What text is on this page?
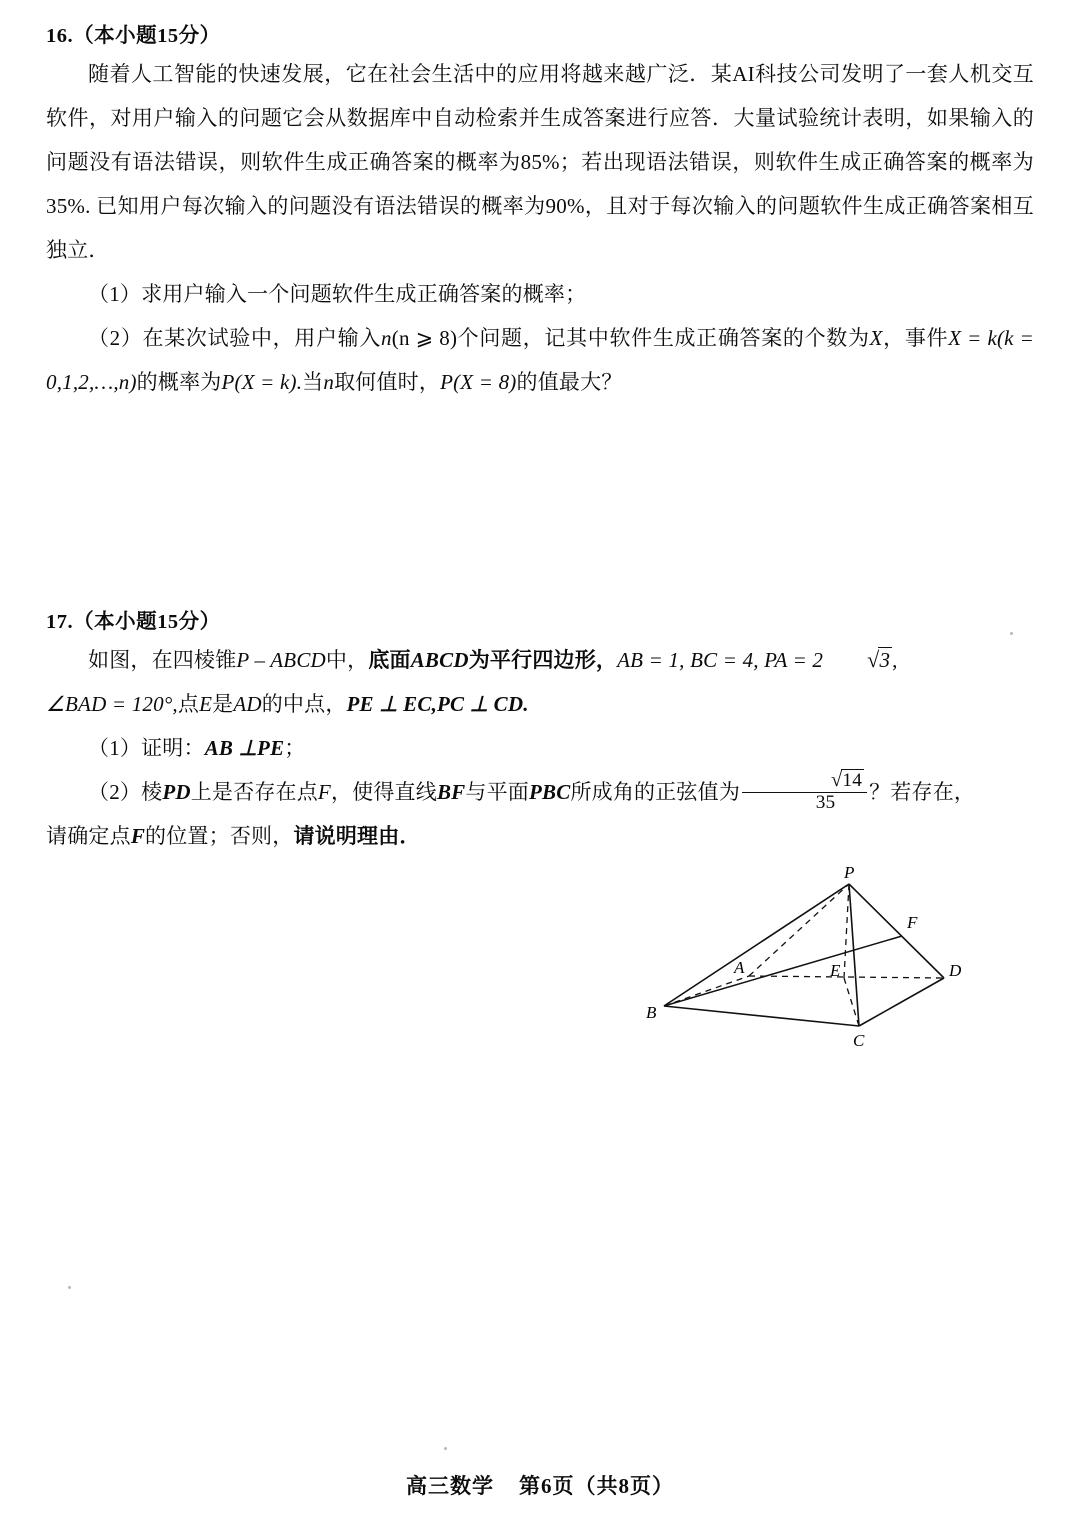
16.（本小题15分）

随着人工智能的快速发展，它在社会生活中的应用将越来越广泛．某AI科技公司发明了一套人机交互软件，对用户输入的问题它会从数据库中自动检索并生成答案进行应答．大量试验统计表明，如果输入的问题没有语法错误，则软件生成正确答案的概率为85%；若出现语法错误，则软件生成正确答案的概率为35%. 已知用户每次输入的问题没有语法错误的概率为90%，且对于每次输入的问题软件生成正确答案相互独立．

（1）求用户输入一个问题软件生成正确答案的概率；

（2）在某次试验中，用户输入n(n ⩾ 8)个问题，记其中软件生成正确答案的个数为X，事件X = k(k = 0,1,2,…,n)的概率为P(X = k).当n取何值时，P(X = 8)的值最大？

17.（本小题15分）

如图，在四棱锥P – ABCD中，底面ABCD为平行四边形，AB = 1, BC = 4, PA = 2 √3,
∠BAD = 120°,点E是AD的中点，PE ⊥ EC,PC ⊥ CD.

（1）证明：AB ⊥PE；

（2）棱PD上是否存在点F，使得直线BF与平面PBC所成角的正弦值为 $\frac{√14}{35}$ ？若存在，
请确定点F的位置；否则，请说明理由．

P
F
A	E	D
B
C
高三数学 第6页（共8页）
